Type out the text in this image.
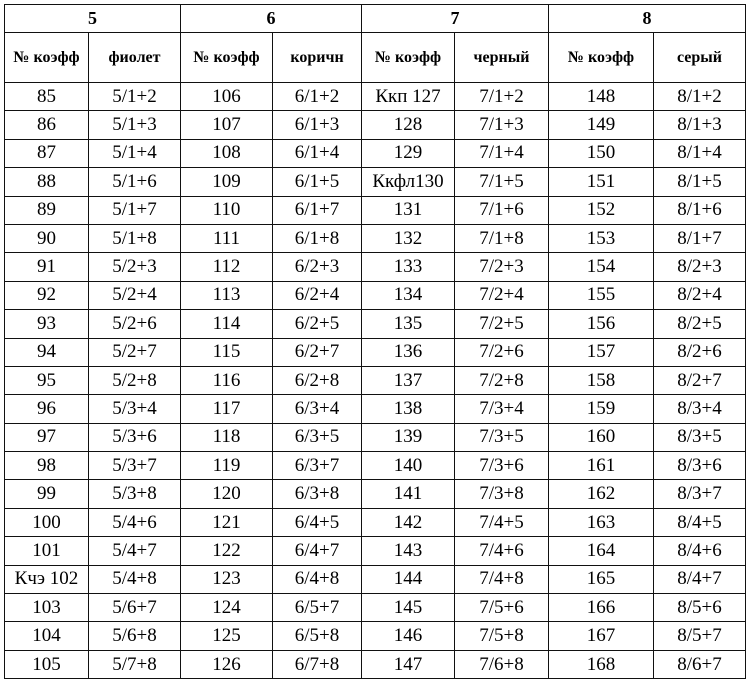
5		6		7		8	
№ коэфф	фиолет	№ коэфф	коричн	№ коэфф	черный	№ коэфф	серый
85	5/1+2	106	6/1+2	Ккп 127	7/1+2	148	8/1+2
86	5/1+3	107	6/1+3	128	7/1+3	149	8/1+3
87	5/1+4	108	6/1+4	129	7/1+4	150	8/1+4
88	5/1+6	109	6/1+5	Ккфл130	7/1+5	151	8/1+5
89	5/1+7	110	6/1+7	131	7/1+6	152	8/1+6
90	5/1+8	111	6/1+8	132	7/1+8	153	8/1+7
91	5/2+3	112	6/2+3	133	7/2+3	154	8/2+3
92	5/2+4	113	6/2+4	134	7/2+4	155	8/2+4
93	5/2+6	114	6/2+5	135	7/2+5	156	8/2+5
94	5/2+7	115	6/2+7	136	7/2+6	157	8/2+6
95	5/2+8	116	6/2+8	137	7/2+8	158	8/2+7
96	5/3+4	117	6/3+4	138	7/3+4	159	8/3+4
97	5/3+6	118	6/3+5	139	7/3+5	160	8/3+5
98	5/3+7	119	6/3+7	140	7/3+6	161	8/3+6
99	5/3+8	120	6/3+8	141	7/3+8	162	8/3+7
100	5/4+6	121	6/4+5	142	7/4+5	163	8/4+5
101	5/4+7	122	6/4+7	143	7/4+6	164	8/4+6
Кчэ 102	5/4+8	123	6/4+8	144	7/4+8	165	8/4+7
103	5/6+7	124	6/5+7	145	7/5+6	166	8/5+6
104	5/6+8	125	6/5+8	146	7/5+8	167	8/5+7
105	5/7+8	126	6/7+8	147	7/6+8	168	8/6+7
